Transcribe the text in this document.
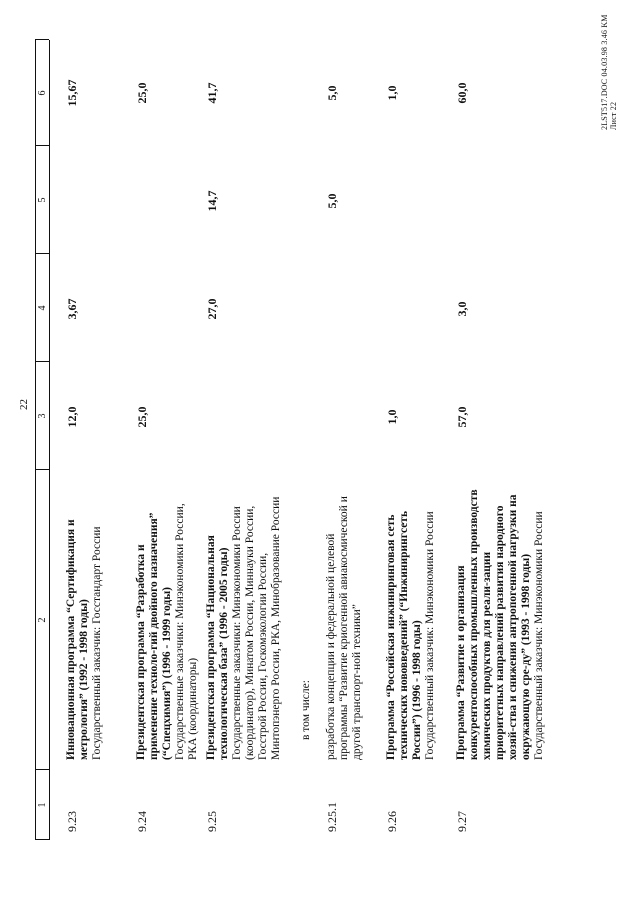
22
1
2
3
4
5
6
9.23
Инновационная программа “Сертификация и метрология” (1992 - 1998 годы) Государственный заказчик: Госстандарт России
12,0
3,67
15,67
9.24
Президентская программа “Разработка и применение техноло-гий двойного назначения” (“Спецхимия”) (1996 - 1999 годы) Государственные заказчики: Минэкономики России, РКА (координаторы)
25,0
25,0
9.25
Президентская программа “Национальная технологическая база” (1996 - 2005 годы) Государственные заказчики: Минэкономики России (координатор), Минатом России, Миннауки России, Госстрой России, Госкомэкологии России, Минтопэнерго России, РКА, Минобразование России
27,0
14,7
41,7
в том числе:
9.25.1
разработка концепции и федеральной целевой программы “Развитие криогенной авиакосмической и другой транспорт-ной техники”
5,0
5,0
9.26
Программа “Российская инжиниринговая сеть технических нововведений” (“Инжинирингсеть России”) (1996 - 1998 годы) Государственный заказчик: Минэкономики России
1,0
1,0
9.27
Программа “Развитие и организация конкурентоспособных промышленных производств химических продуктов для реали-зации приоритетных направлений развития народного хозяй-ства и снижения антропогенной нагрузки на окружающую сре-ду” (1993 - 1998 годы) Государственный заказчик: Минэкономики России
57,0
3,0
60,0	2LST517.DOC 04.03.98 3.46 KM Лист 22
